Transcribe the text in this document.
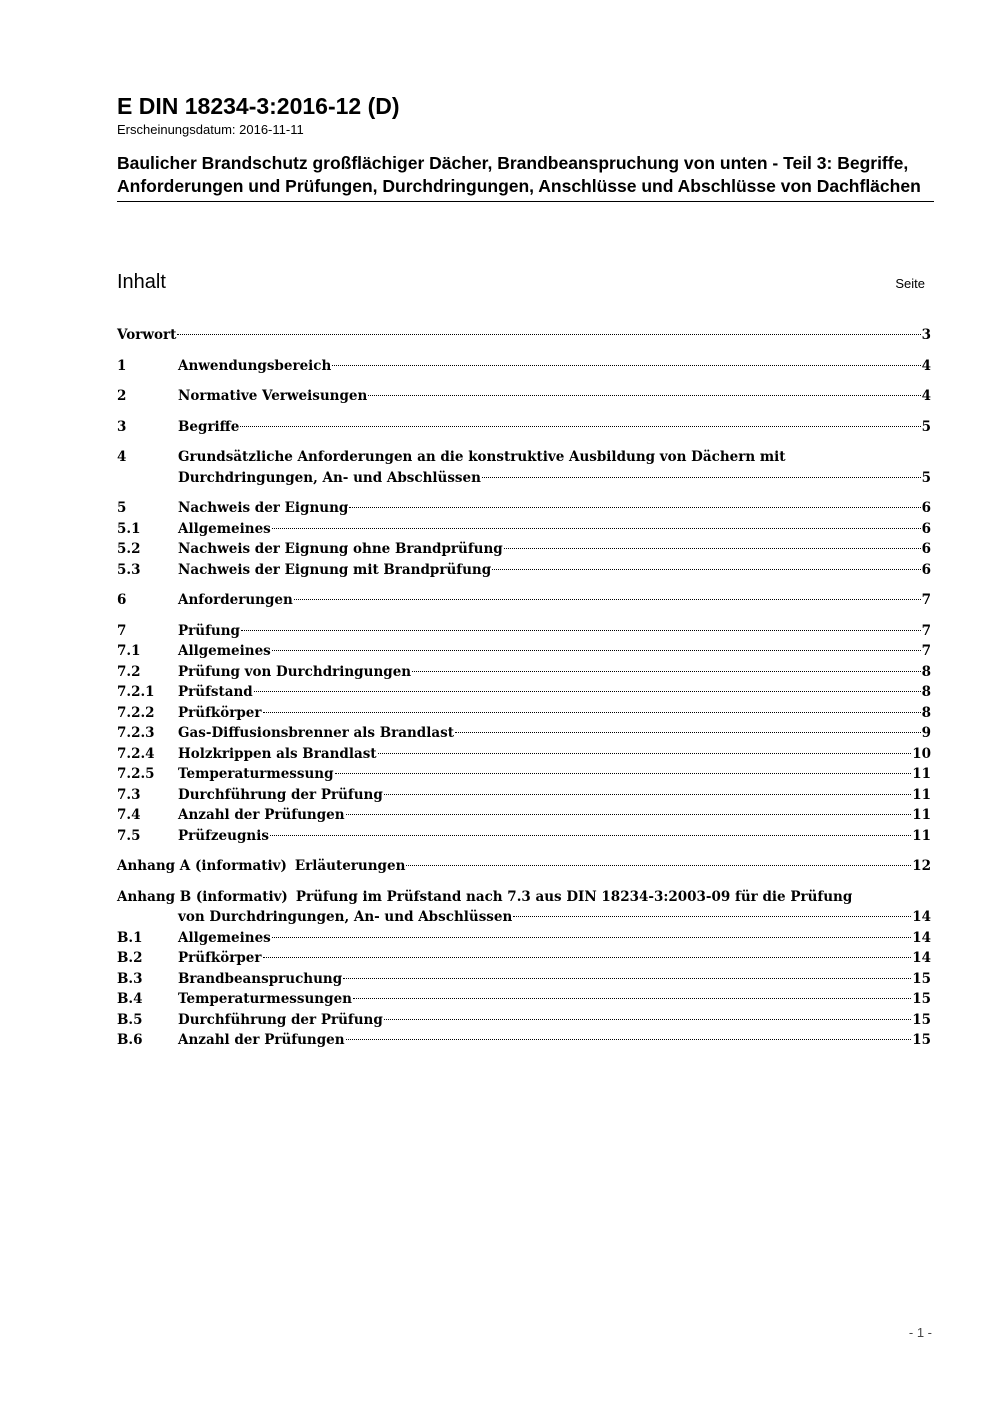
E DIN 18234-3:2016-12 (D)

Erscheinungsdatum: 2016-11-11

Baulicher Brandschutz großflächiger Dächer, Brandbeanspruchung von unten - Teil 3: Begriffe, Anforderungen und Prüfungen, Durchdringungen, Anschlüsse und Abschlüsse von Dachflächen
Inhalt	Seite
Vorwort	3
1	Anwendungsbereich	4
2	Normative Verweisungen	4
3	Begriffe	5
4	Grundsätzliche Anforderungen an die konstruktive Ausbildung von Dächern mit
Durchdringungen, An- und Abschlüssen	5
5	Nachweis der Eignung	6
5.1	Allgemeines	6
5.2	Nachweis der Eignung ohne Brandprüfung	6
5.3	Nachweis der Eignung mit Brandprüfung	6
6	Anforderungen	7
7	Prüfung	7
7.1	Allgemeines	7
7.2	Prüfung von Durchdringungen	8
7.2.1	Prüfstand	8
7.2.2	Prüfkörper	8
7.2.3	Gas-Diffusionsbrenner als Brandlast	9
7.2.4	Holzkrippen als Brandlast	10
7.2.5	Temperaturmessung	11
7.3	Durchführung der Prüfung	11
7.4	Anzahl der Prüfungen	11
7.5	Prüfzeugnis	11
Anhang A (informativ) Erläuterungen	12
Anhang B (informativ) Prüfung im Prüfstand nach 7.3 aus DIN 18234-3:2003-09 für die Prüfung
von Durchdringungen, An- und Abschlüssen	14
B.1	Allgemeines	14
B.2	Prüfkörper	14
B.3	Brandbeanspruchung	15
B.4	Temperaturmessungen	15
B.5	Durchführung der Prüfung	15
B.6	Anzahl der Prüfungen	15
- 1 -
